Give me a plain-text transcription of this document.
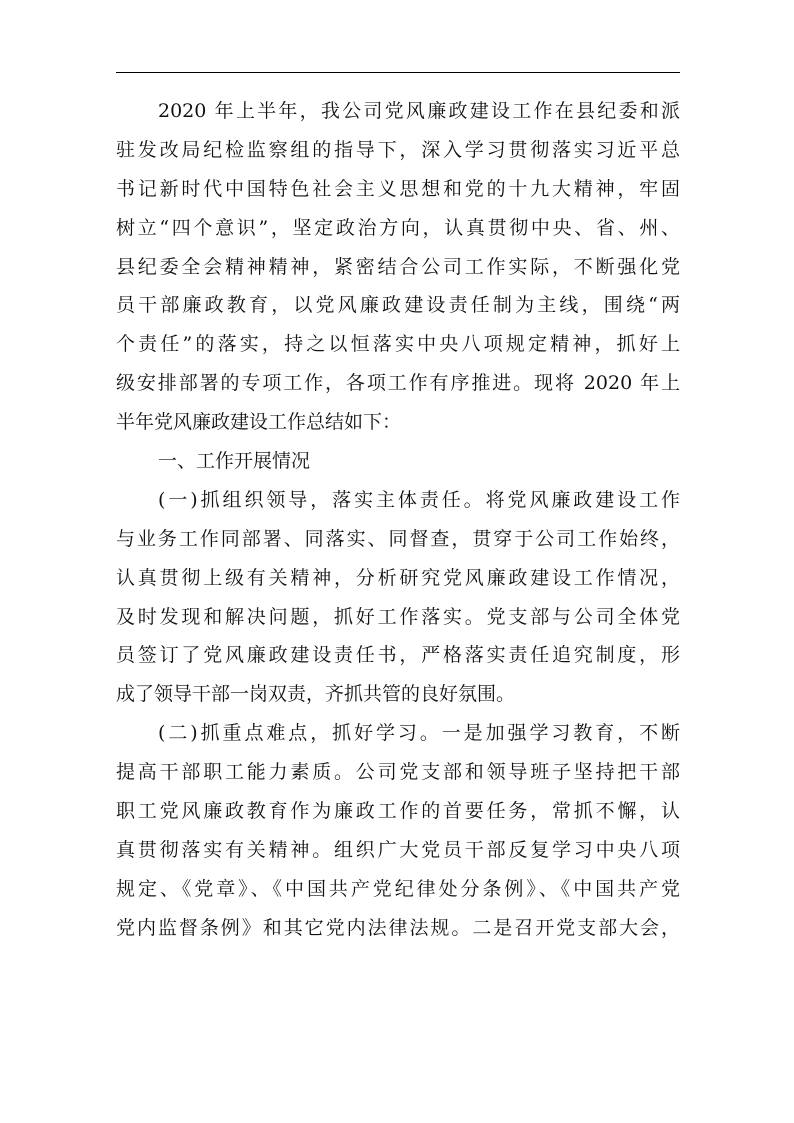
2020 年上半年，我公司党风廉政建设工作在县纪委和派
驻发改局纪检监察组的指导下，深入学习贯彻落实习近平总
书记新时代中国特色社会主义思想和党的十九大精神，牢固
树立“四个意识”，坚定政治方向，认真贯彻中央、省、州、
县纪委全会精神精神，紧密结合公司工作实际，不断强化党
员干部廉政教育，以党风廉政建设责任制为主线，围绕“两
个责任”的落实，持之以恒落实中央八项规定精神，抓好上
级安排部署的专项工作，各项工作有序推进。现将 2020 年上
半年党风廉政建设工作总结如下：
一、工作开展情况
(一)抓组织领导，落实主体责任。将党风廉政建设工作
与业务工作同部署、同落实、同督查，贯穿于公司工作始终，
认真贯彻上级有关精神，分析研究党风廉政建设工作情况，
及时发现和解决问题，抓好工作落实。党支部与公司全体党
员签订了党风廉政建设责任书，严格落实责任追究制度，形
成了领导干部一岗双责，齐抓共管的良好氛围。
(二)抓重点难点，抓好学习。一是加强学习教育，不断
提高干部职工能力素质。公司党支部和领导班子坚持把干部
职工党风廉政教育作为廉政工作的首要任务，常抓不懈，认
真贯彻落实有关精神。组织广大党员干部反复学习中央八项
规定、《党章》、《中国共产党纪律处分条例》、《中国共产党
党内监督条例》和其它党内法律法规。二是召开党支部大会，
